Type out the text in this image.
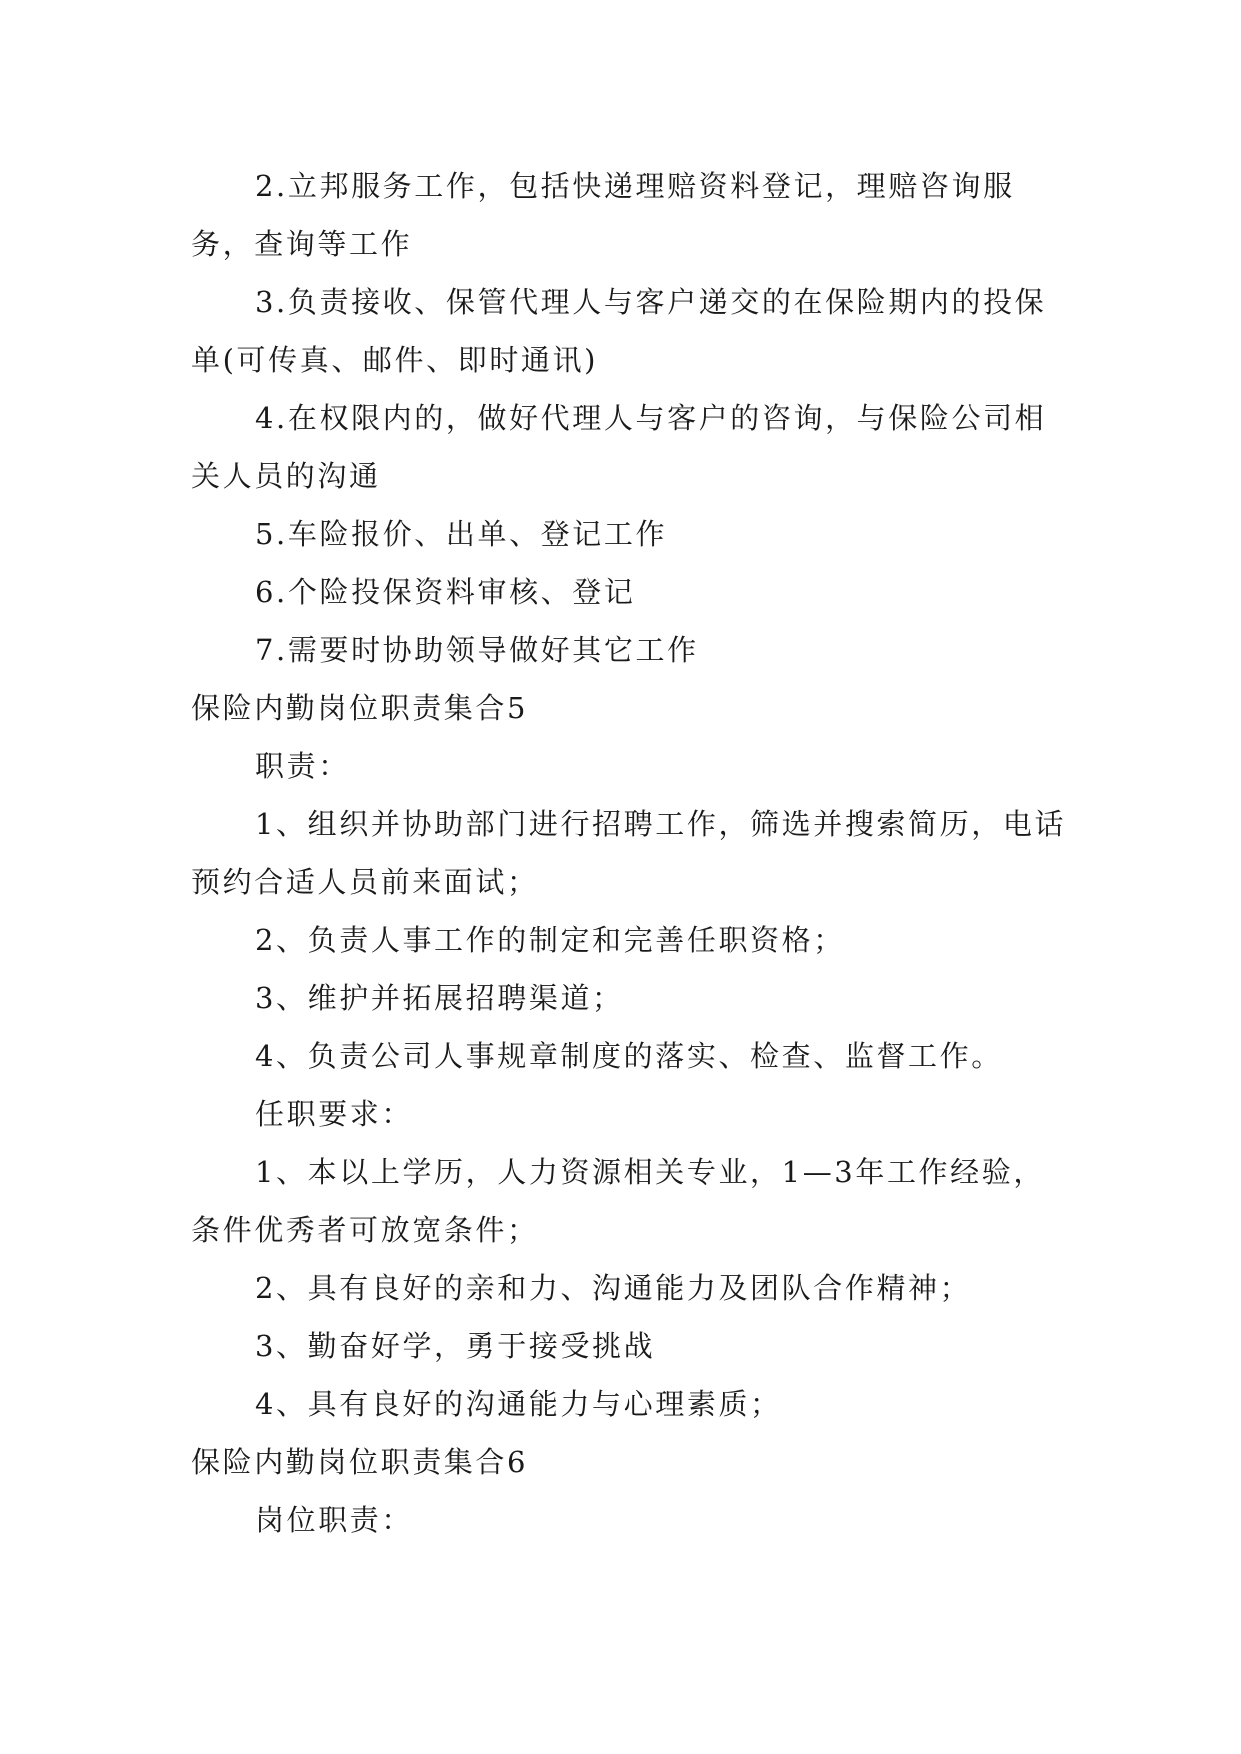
2.立邦服务工作，包括快递理赔资料登记，理赔咨询服务，查询等工作

3.负责接收、保管代理人与客户递交的在保险期内的投保单(可传真、邮件、即时通讯)

4.在权限内的，做好代理人与客户的咨询，与保险公司相关人员的沟通

5.车险报价、出单、登记工作

6.个险投保资料审核、登记

7.需要时协助领导做好其它工作

保险内勤岗位职责集合5

职责：

1、组织并协助部门进行招聘工作，筛选并搜索简历，电话预约合适人员前来面试；

2、负责人事工作的制定和完善任职资格；

3、维护并拓展招聘渠道；

4、负责公司人事规章制度的落实、检查、监督工作。

任职要求：

1、本以上学历，人力资源相关专业，1—3年工作经验，条件优秀者可放宽条件；

2、具有良好的亲和力、沟通能力及团队合作精神；

3、勤奋好学，勇于接受挑战

4、具有良好的沟通能力与心理素质；

保险内勤岗位职责集合6

岗位职责：
